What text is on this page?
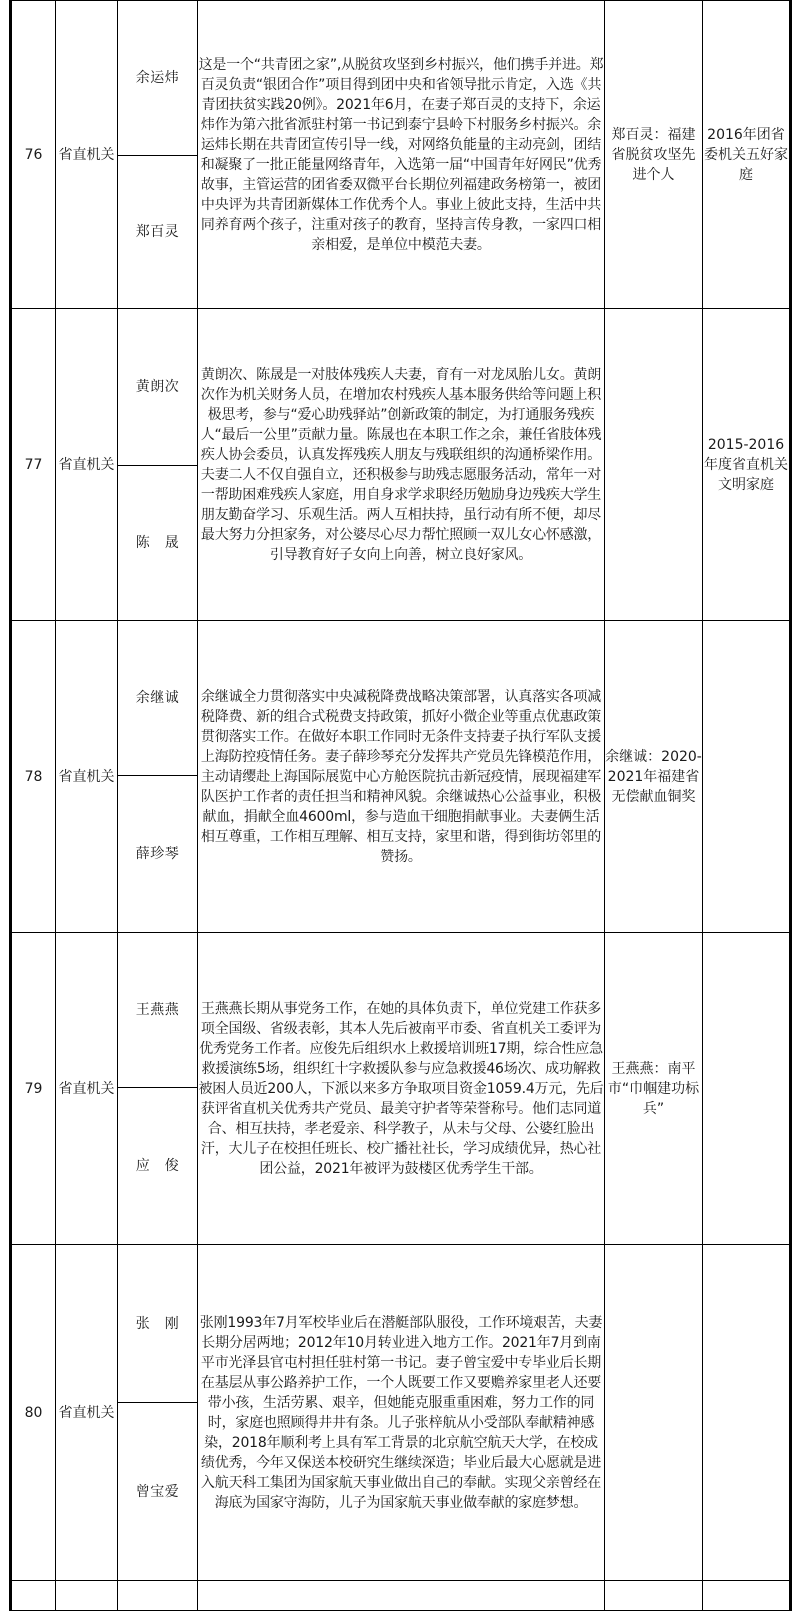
76	省直机关	余运炜	这是一个“共青团之家”,从脱贫攻坚到乡村振兴，他们携手并进。郑百灵负责“银团合作”项目得到团中央和省领导批示肯定，入选《共青团扶贫实践20例》。2021年6月，在妻子郑百灵的支持下，余运炜作为第六批省派驻村第一书记到泰宁县岭下村服务乡村振兴。余运炜长期在共青团宣传引导一线，对网络负能量的主动亮剑，团结和凝聚了一批正能量网络青年，入选第一届“中国青年好网民”优秀故事，主管运营的团省委双微平台长期位列福建政务榜第一，被团中央评为共青团新媒体工作优秀个人。事业上彼此支持，生活中共同养育两个孩子，注重对孩子的教育，坚持言传身教，一家四口相亲相爱，是单位中模范夫妻。	郑百灵：福建省脱贫攻坚先进个人	2016年团省委机关五好家庭
		郑百灵			
77	省直机关	黄朗次	黄朗次、陈晟是一对肢体残疾人夫妻，育有一对龙凤胎儿女。黄朗次作为机关财务人员，在增加农村残疾人基本服务供给等问题上积极思考，参与“爱心助残驿站”创新政策的制定，为打通服务残疾人“最后一公里”贡献力量。陈晟也在本职工作之余，兼任省肢体残疾人协会委员，认真发挥残疾人朋友与残联组织的沟通桥梁作用。夫妻二人不仅自强自立，还积极参与助残志愿服务活动，常年一对一帮助困难残疾人家庭，用自身求学求职经历勉励身边残疾大学生朋友勤奋学习、乐观生活。两人互相扶持，虽行动有所不便，却尽最大努力分担家务，对公婆尽心尽力帮忙照顾一双儿女心怀感激，引导教育好子女向上向善，树立良好家风。		2015-2016年度省直机关文明家庭
		陈　晟			
78	省直机关	余继诚	余继诚全力贯彻落实中央减税降费战略决策部署，认真落实各项减税降费、新的组合式税费支持政策，抓好小微企业等重点优惠政策贯彻落实工作。在做好本职工作同时无条件支持妻子执行军队支援上海防控疫情任务。妻子薛珍琴充分发挥共产党员先锋模范作用，主动请缨赴上海国际展览中心方舱医院抗击新冠疫情，展现福建军队医护工作者的责任担当和精神风貌。余继诚热心公益事业，积极献血，捐献全血4600ml，参与造血干细胞捐献事业。夫妻俩生活相互尊重，工作相互理解、相互支持，家里和谐，得到街坊邻里的赞扬。	余继诚：2020-2021年福建省无偿献血铜奖	
		薛珍琴			
79	省直机关	王燕燕	王燕燕长期从事党务工作，在她的具体负责下，单位党建工作获多项全国级、省级表彰，其本人先后被南平市委、省直机关工委评为优秀党务工作者。应俊先后组织水上救援培训班17期，综合性应急救援演练5场，组织红十字救援队参与应急救援46场次、成功解救被困人员近200人，下派以来多方争取项目资金1059.4万元，先后获评省直机关优秀共产党员、最美守护者等荣誉称号。他们志同道合、相互扶持，孝老爱亲、科学教子，从未与父母、公婆红脸出汗，大儿子在校担任班长、校广播社社长，学习成绩优异，热心社团公益，2021年被评为鼓楼区优秀学生干部。	王燕燕：南平市“巾帼建功标兵”	
		应　俊			
80	省直机关	张　刚	张刚1993年7月军校毕业后在潜艇部队服役，工作环境艰苦，夫妻长期分居两地；2012年10月转业进入地方工作。2021年7月到南平市光泽县官屯村担任驻村第一书记。妻子曾宝爱中专毕业后长期在基层从事公路养护工作，一个人既要工作又要赡养家里老人还要带小孩，生活劳累、艰辛，但她能克服重重困难，努力工作的同时，家庭也照顾得井井有条。儿子张梓航从小受部队奉献精神感染，2018年顺利考上具有军工背景的北京航空航天大学，在校成绩优秀，今年又保送本校研究生继续深造；毕业后最大心愿就是进入航天科工集团为国家航天事业做出自己的奉献。实现父亲曾经在海底为国家守海防，儿子为国家航天事业做奉献的家庭梦想。		

		曾宝爱			
